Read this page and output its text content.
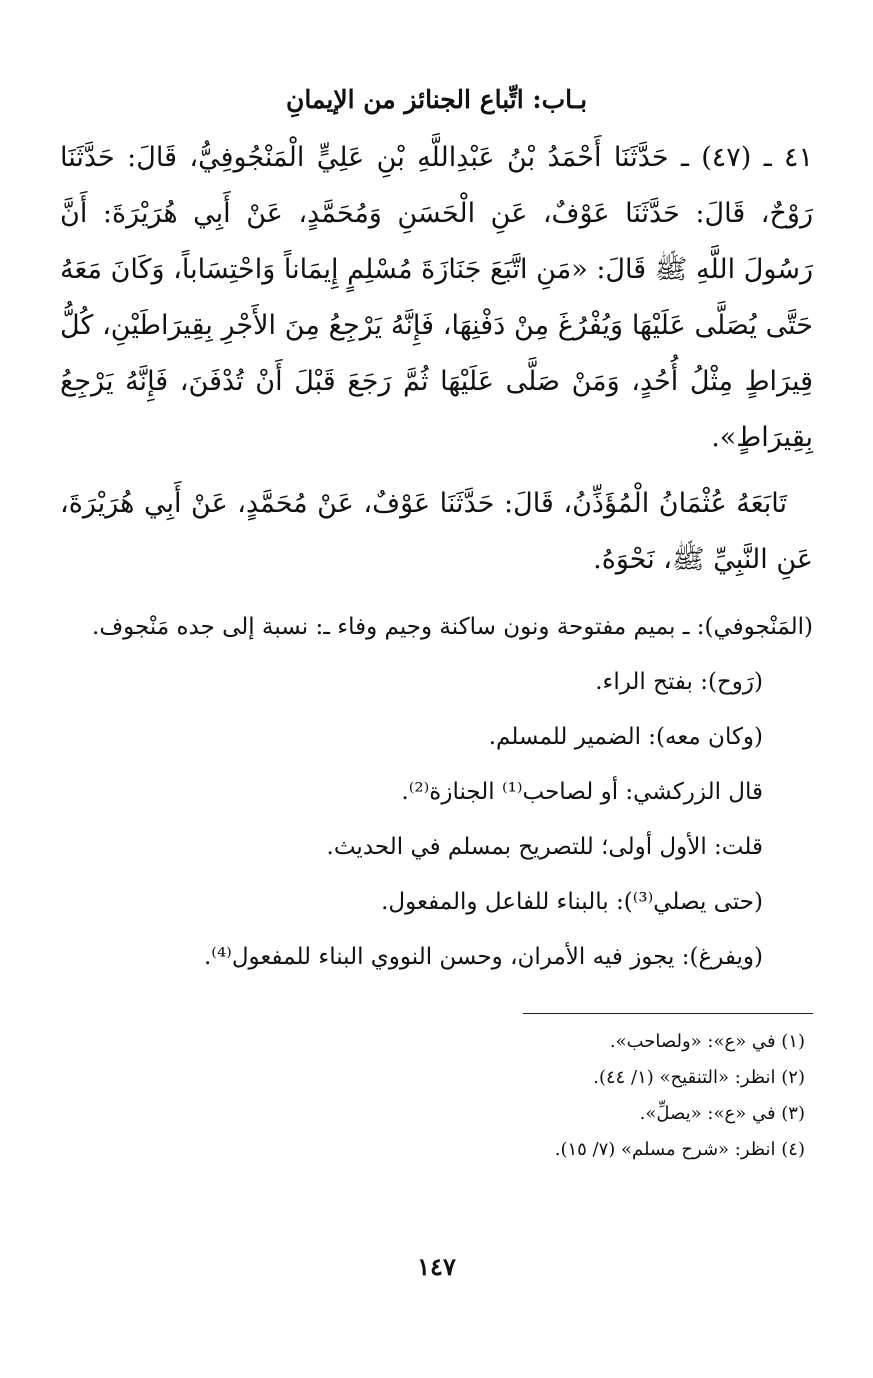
بـاب: اتِّباع الجنائز من الإيمانِ

٤١ ـ (٤٧) ـ حَدَّثَنَا أَحْمَدُ بْنُ عَبْدِاللَّهِ بْنِ عَلِيٍّ الْمَنْجُوفِيُّ، قَالَ: حَدَّثَنَا رَوْحٌ، قَالَ: حَدَّثَنَا عَوْفٌ، عَنِ الْحَسَنِ وَمُحَمَّدٍ، عَنْ أَبِي هُرَيْرَةَ: أَنَّ رَسُولَ اللَّهِ ﷺ قَالَ: «مَنِ اتَّبَعَ جَنَازَةَ مُسْلِمٍ إِيمَاناً وَاحْتِسَاباً، وَكَانَ مَعَهُ حَتَّى يُصَلَّى عَلَيْهَا وَيُفْرُغَ مِنْ دَفْنِهَا، فَإِنَّهُ يَرْجِعُ مِنَ الأَجْرِ بِقِيرَاطَيْنِ، كُلُّ قِيرَاطٍ مِثْلُ أُحُدٍ، وَمَنْ صَلَّى عَلَيْهَا ثُمَّ رَجَعَ قَبْلَ أَنْ تُدْفَنَ، فَإِنَّهُ يَرْجِعُ بِقِيرَاطٍ».

تَابَعَهُ عُثْمَانُ الْمُؤَذِّنُ، قَالَ: حَدَّثَنَا عَوْفٌ، عَنْ مُحَمَّدٍ، عَنْ أَبِي هُرَيْرَةَ، عَنِ النَّبِيِّ ﷺ، نَحْوَهُ.

(المَنْجوفي): ـ بميم مفتوحة ونون ساكنة وجيم وفاء ـ: نسبة إلى جده مَنْجوف.

(رَوح): بفتح الراء.

(وكان معه): الضمير للمسلم.

قال الزركشي: أو لصاحب⁽¹⁾ الجنازة⁽²⁾.

قلت: الأول أولى؛ للتصريح بمسلم في الحديث.

(حتى يصلي⁽³⁾): بالبناء للفاعل والمفعول.

(ويفرغ): يجوز فيه الأمران، وحسن النووي البناء للمفعول⁽⁴⁾.

(١) في «ع»: «ولصاحب».
(٢) انظر: «التنقيح» (١/ ٤٤).
(٣) في «ع»: «يصلِّ».
(٤) انظر: «شرح مسلم» (٧/ ١٥).
١٤٧
